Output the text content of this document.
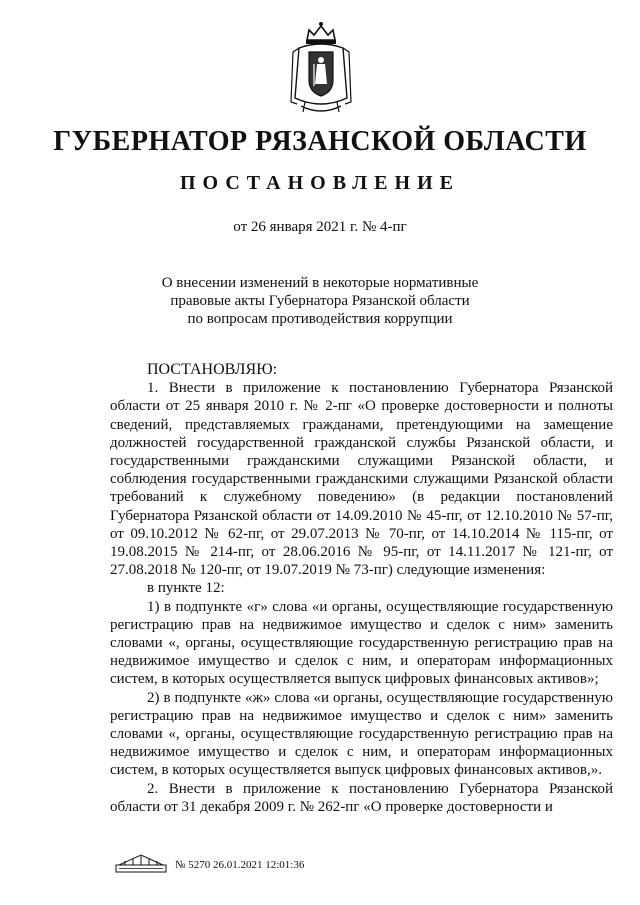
ГУБЕРНАТОР РЯЗАНСКОЙ ОБЛАСТИ
ПОСТАНОВЛЕНИЕ
от 26 января 2021 г. № 4-пг
О внесении изменений в некоторые нормативные
правовые акты Губернатора Рязанской области
по вопросам противодействия коррупции

ПОСТАНОВЛЯЮ:

1. Внести в приложение к постановлению Губернатора Рязанской области от 25 января 2010 г. № 2-пг «О проверке достоверности и полноты сведений, представляемых гражданами, претендующими на замещение должностей государственной гражданской службы Рязанской области, и государственными гражданскими служащими Рязанской области, и соблюдения государственными гражданскими служащими Рязанской области требований к служебному поведению» (в редакции постановлений Губернатора Рязанской области от 14.09.2010 № 45-пг, от 12.10.2010 № 57-пг, от 09.10.2012 № 62-пг, от 29.07.2013 № 70-пг, от 14.10.2014 № 115-пг, от 19.08.2015 № 214-пг, от 28.06.2016 № 95-пг, от 14.11.2017 № 121-пг, от 27.08.2018 № 120-пг, от 19.07.2019 № 73-пг) следующие изменения:

в пункте 12:

1) в подпункте «г» слова «и органы, осуществляющие государственную регистрацию прав на недвижимое имущество и сделок с ним» заменить словами «, органы, осуществляющие государственную регистрацию прав на недвижимое имущество и сделок с ним, и операторам информационных систем, в которых осуществляется выпуск цифровых финансовых активов»;

2) в подпункте «ж» слова «и органы, осуществляющие государственную регистрацию прав на недвижимое имущество и сделок с ним» заменить словами «, органы, осуществляющие государственную регистрацию прав на недвижимое имущество и сделок с ним, и операторам информационных систем, в которых осуществляется выпуск цифровых финансовых активов,».

2. Внести в приложение к постановлению Губернатора Рязанской области от 31 декабря 2009 г. № 262-пг «О проверке достоверности и

№ 5270 26.01.2021 12:01:36
